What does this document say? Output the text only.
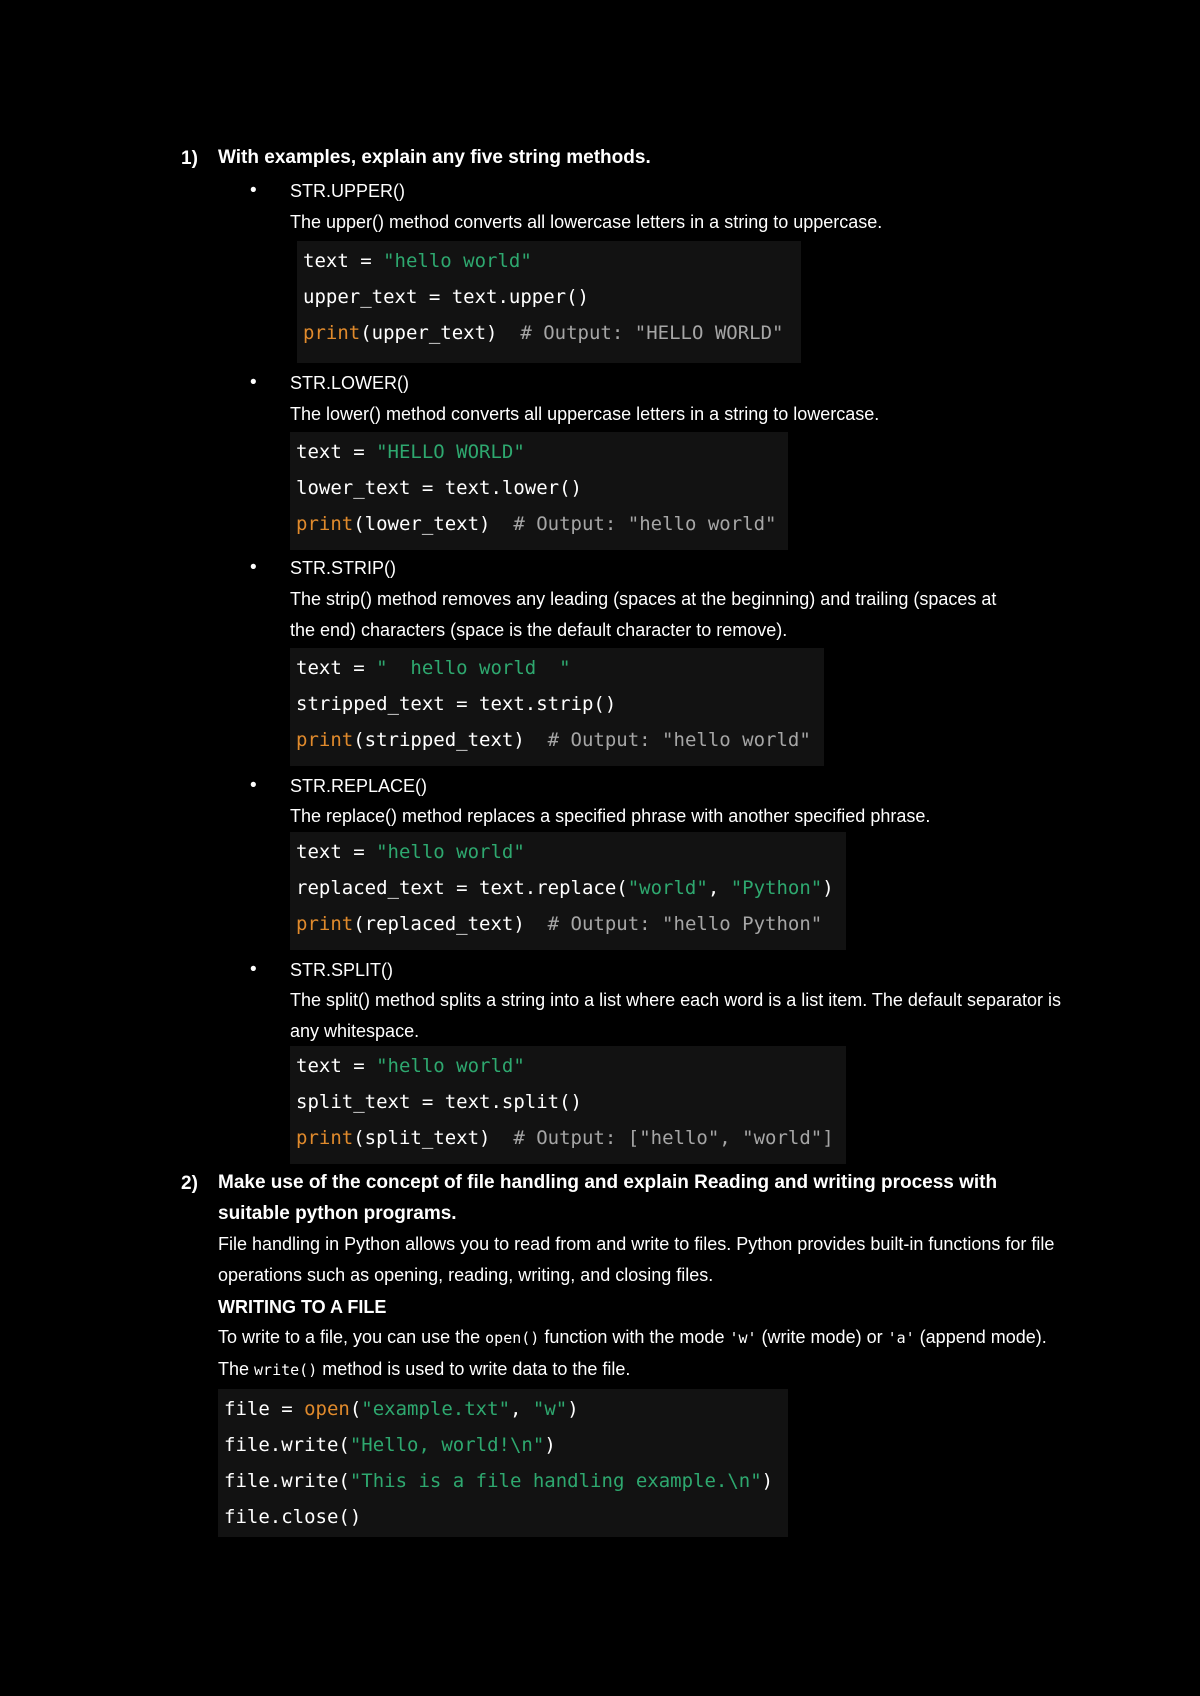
1) With examples, explain any five string methods.
• STR.UPPER()
The upper() method converts all lowercase letters in a string to uppercase.
text = "hello world"
upper_text = text.upper()
print(upper_text)  # Output: "HELLO WORLD"
• STR.LOWER()
The lower() method converts all uppercase letters in a string to lowercase.
text = "HELLO WORLD"
lower_text = text.lower()
print(lower_text)  # Output: "hello world"
• STR.STRIP()
The strip() method removes any leading (spaces at the beginning) and trailing (spaces at the end) characters (space is the default character to remove).
text = "  hello world  "
stripped_text = text.strip()
print(stripped_text)  # Output: "hello world"
• STR.REPLACE()
The replace() method replaces a specified phrase with another specified phrase.
text = "hello world"
replaced_text = text.replace("world", "Python")
print(replaced_text)  # Output: "hello Python"
• STR.SPLIT()
The split() method splits a string into a list where each word is a list item. The default separator is any whitespace.
text = "hello world"
split_text = text.split()
print(split_text)  # Output: ["hello", "world"]
2) Make use of the concept of file handling and explain Reading and writing process with suitable python programs.
File handling in Python allows you to read from and write to files. Python provides built-in functions for file operations such as opening, reading, writing, and closing files.
WRITING TO A FILE
To write to a file, you can use the open() function with the mode 'w' (write mode) or 'a' (append mode). The write() method is used to write data to the file.
file = open("example.txt", "w")
file.write("Hello, world!\n")
file.write("This is a file handling example.\n")
file.close()
